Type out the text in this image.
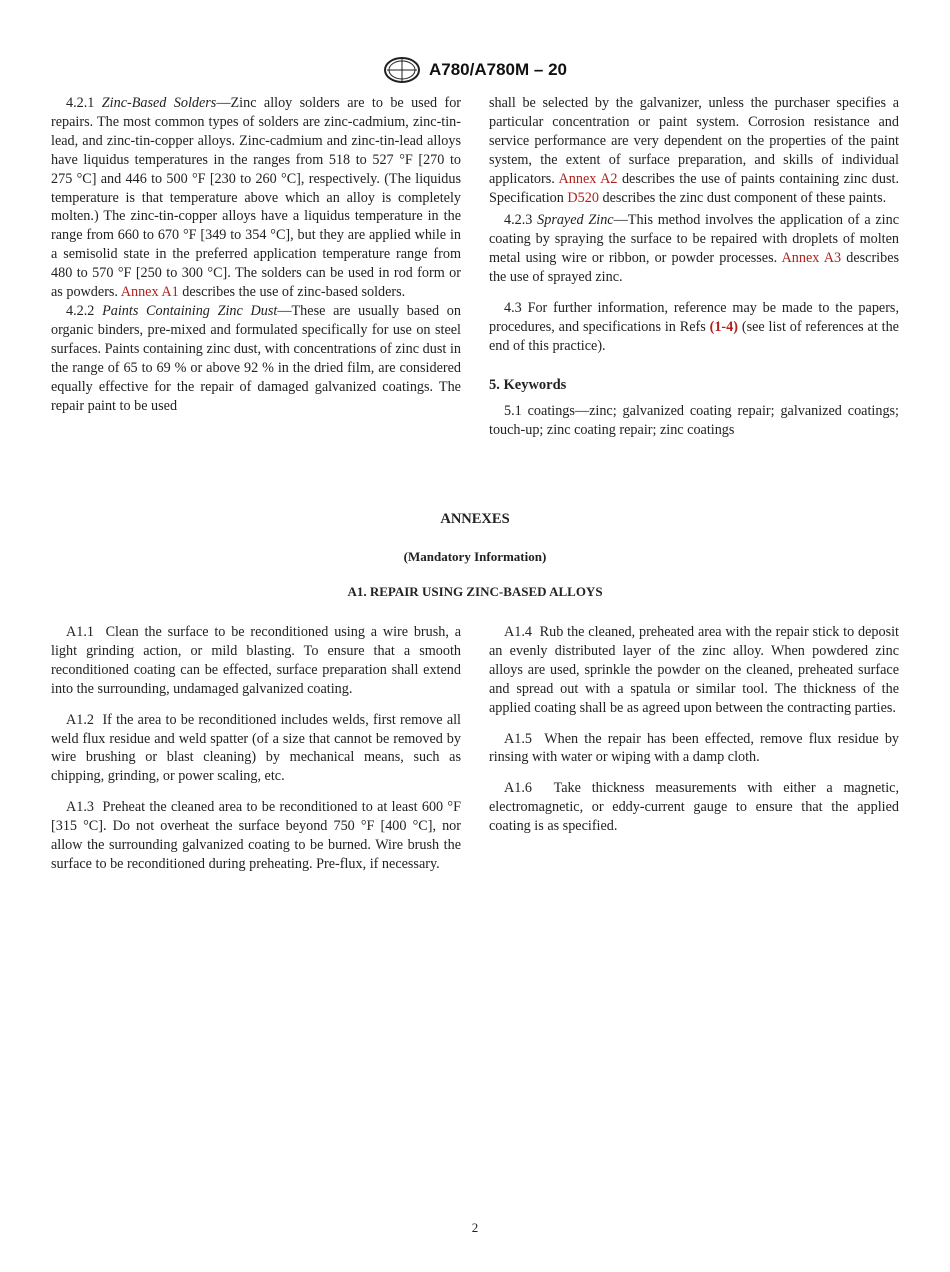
A780/A780M – 20

4.2.1 Zinc-Based Solders—Zinc alloy solders are to be used for repairs. The most common types of solders are zinc-cadmium, zinc-tin-lead, and zinc-tin-copper alloys. Zinc-cadmium and zinc-tin-lead alloys have liquidus temperatures in the ranges from 518 to 527 °F [270 to 275 °C] and 446 to 500 °F [230 to 260 °C], respectively. (The liquidus temperature is that temperature above which an alloy is completely molten.) The zinc-tin-copper alloys have a liquidus temperature in the range from 660 to 670 °F [349 to 354 °C], but they are applied while in a semisolid state in the preferred application temperature range from 480 to 570 °F [250 to 300 °C]. The solders can be used in rod form or as powders. Annex A1 describes the use of zinc-based solders.

4.2.2 Paints Containing Zinc Dust—These are usually based on organic binders, pre-mixed and formulated specifically for use on steel surfaces. Paints containing zinc dust, with concentrations of zinc dust in the range of 65 to 69 % or above 92 % in the dried film, are considered equally effective for the repair of damaged galvanized coatings. The repair paint to be used

shall be selected by the galvanizer, unless the purchaser specifies a particular concentration or paint system. Corrosion resistance and service performance are very dependent on the properties of the paint system, the extent of surface preparation, and skills of individual applicators. Annex A2 describes the use of paints containing zinc dust. Specification D520 describes the zinc dust component of these paints.

4.2.3 Sprayed Zinc—This method involves the application of a zinc coating by spraying the surface to be repaired with droplets of molten metal using wire or ribbon, or powder processes. Annex A3 describes the use of sprayed zinc.

4.3 For further information, reference may be made to the papers, procedures, and specifications in Refs (1-4) (see list of references at the end of this practice).

5. Keywords

5.1 coatings—zinc; galvanized coating repair; galvanized coatings; touch-up; zinc coating repair; zinc coatings

ANNEXES
(Mandatory Information)
A1. REPAIR USING ZINC-BASED ALLOYS

A1.1 Clean the surface to be reconditioned using a wire brush, a light grinding action, or mild blasting. To ensure that a smooth reconditioned coating can be effected, surface preparation shall extend into the surrounding, undamaged galvanized coating.

A1.2 If the area to be reconditioned includes welds, first remove all weld flux residue and weld spatter (of a size that cannot be removed by wire brushing or blast cleaning) by mechanical means, such as chipping, grinding, or power scaling, etc.

A1.3 Preheat the cleaned area to be reconditioned to at least 600 °F [315 °C]. Do not overheat the surface beyond 750 °F [400 °C], nor allow the surrounding galvanized coating to be burned. Wire brush the surface to be reconditioned during preheating. Pre-flux, if necessary.

A1.4 Rub the cleaned, preheated area with the repair stick to deposit an evenly distributed layer of the zinc alloy. When powdered zinc alloys are used, sprinkle the powder on the cleaned, preheated surface and spread out with a spatula or similar tool. The thickness of the applied coating shall be as agreed upon between the contracting parties.

A1.5 When the repair has been effected, remove flux residue by rinsing with water or wiping with a damp cloth.

A1.6 Take thickness measurements with either a magnetic, electromagnetic, or eddy-current gauge to ensure that the applied coating is as specified.

2
